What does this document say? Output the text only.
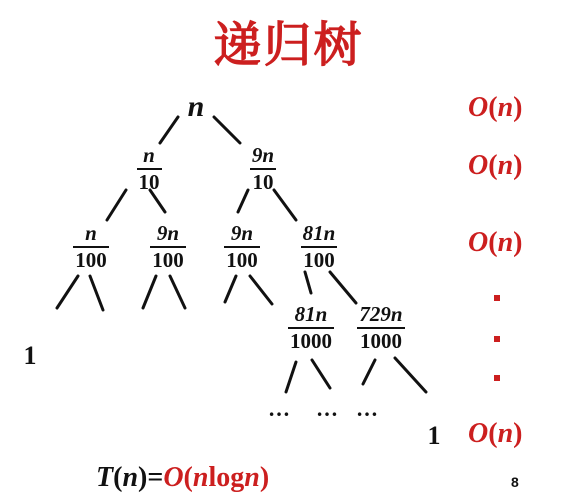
递归树
n
$\frac{n}{10}$	$\frac{9n}{10}$
$\frac{n}{100} \frac{9n}{100} \frac{9n}{100} \frac{81n}{100}$
$\frac{81n}{1000} \frac{729n}{1000}$
1
1
… … …
O(n)
O(n)
O(n)
O(n)
T(n)=O(nlogn)	8
